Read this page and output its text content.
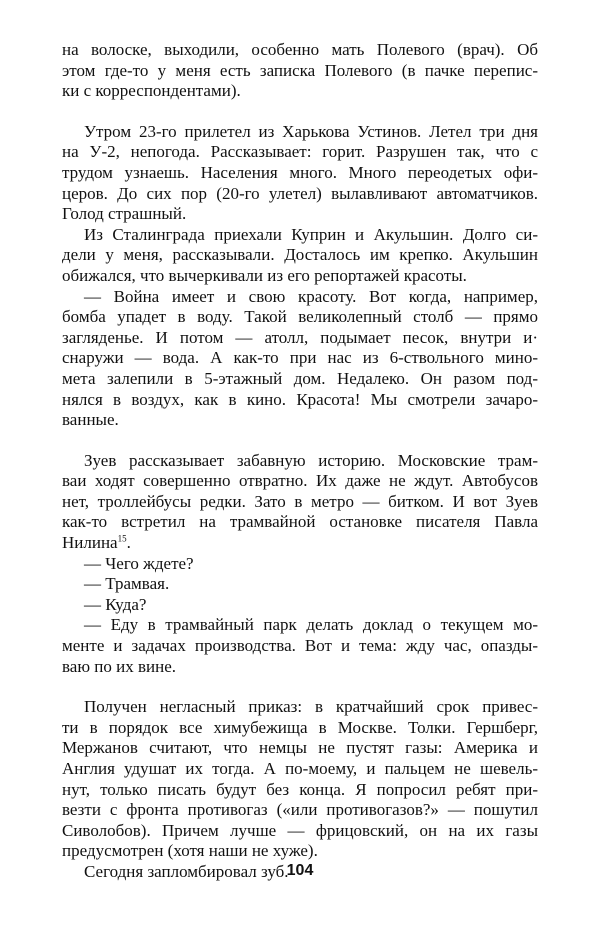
на волоске, выходили, особенно мать Полевого (врач). Об
этом где-то у меня есть записка Полевого (в пачке перепис-
ки с корреспондентами).

Утром 23-го прилетел из Харькова Устинов. Летел три дня
на У-2, непогода. Рассказывает: горит. Разрушен так, что с
трудом узнаешь. Населения много. Много переодетых офи-
церов. До сих пор (20-го улетел) вылавливают автоматчиков.
Голод страшный.

Из Сталинграда приехали Куприн и Акульшин. Долго си-
дели у меня, рассказывали. Досталось им крепко. Акульшин
обижался, что вычеркивали из его репортажей красоты.

— Война имеет и свою красоту. Вот когда, например,
бомба упадет в воду. Такой великолепный столб — прямо
загляденье. И потом — атолл, подымает песок, внутри и·
снаружи — вода. А как-то при нас из 6-ствольного мино-
мета залепили в 5-этажный дом. Недалеко. Он разом под-
нялся в воздух, как в кино. Красота! Мы смотрели зачаро-
ванные.

Зуев рассказывает забавную историю. Московские трам-
ваи ходят совершенно отвратно. Их даже не ждут. Автобусов
нет, троллейбусы редки. Зато в метро — битком. И вот Зуев
как-то встретил на трамвайной остановке писателя Павла
Нилина$^{15}$.

— Чего ждете?

— Трамвая.

— Куда?

— Еду в трамвайный парк делать доклад о текущем мо-
менте и задачах производства. Вот и тема: жду час, опазды-
ваю по их вине.

Получен негласный приказ: в кратчайший срок привес-
ти в порядок все химубежища в Москве. Толки. Гершберг,
Мержанов считают, что немцы не пустят газы: Америка и
Англия удушат их тогда. А по-моему, и пальцем не шевель-
нут, только писать будут без конца. Я попросил ребят при-
везти с фронта противогаз («или противогазов?» — пошутил
Сиволобов). Причем лучше — фрицовский, он на их газы
предусмотрен (хотя наши не хуже).

Сегодня запломбировал зуб.

104
